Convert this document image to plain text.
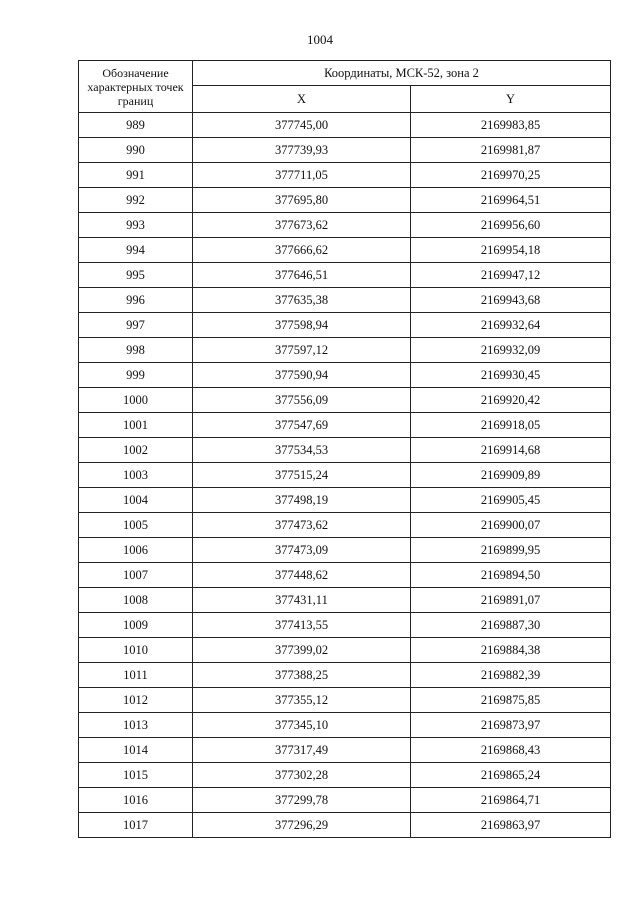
1004
Обозначение характерных точек границ	Координаты, МСК-52, зона 2	
	X	Y
989	377745,00	2169983,85
990	377739,93	2169981,87
991	377711,05	2169970,25
992	377695,80	2169964,51
993	377673,62	2169956,60
994	377666,62	2169954,18
995	377646,51	2169947,12
996	377635,38	2169943,68
997	377598,94	2169932,64
998	377597,12	2169932,09
999	377590,94	2169930,45
1000	377556,09	2169920,42
1001	377547,69	2169918,05
1002	377534,53	2169914,68
1003	377515,24	2169909,89
1004	377498,19	2169905,45
1005	377473,62	2169900,07
1006	377473,09	2169899,95
1007	377448,62	2169894,50
1008	377431,11	2169891,07
1009	377413,55	2169887,30
1010	377399,02	2169884,38
1011	377388,25	2169882,39
1012	377355,12	2169875,85
1013	377345,10	2169873,97
1014	377317,49	2169868,43
1015	377302,28	2169865,24
1016	377299,78	2169864,71
1017	377296,29	2169863,97
